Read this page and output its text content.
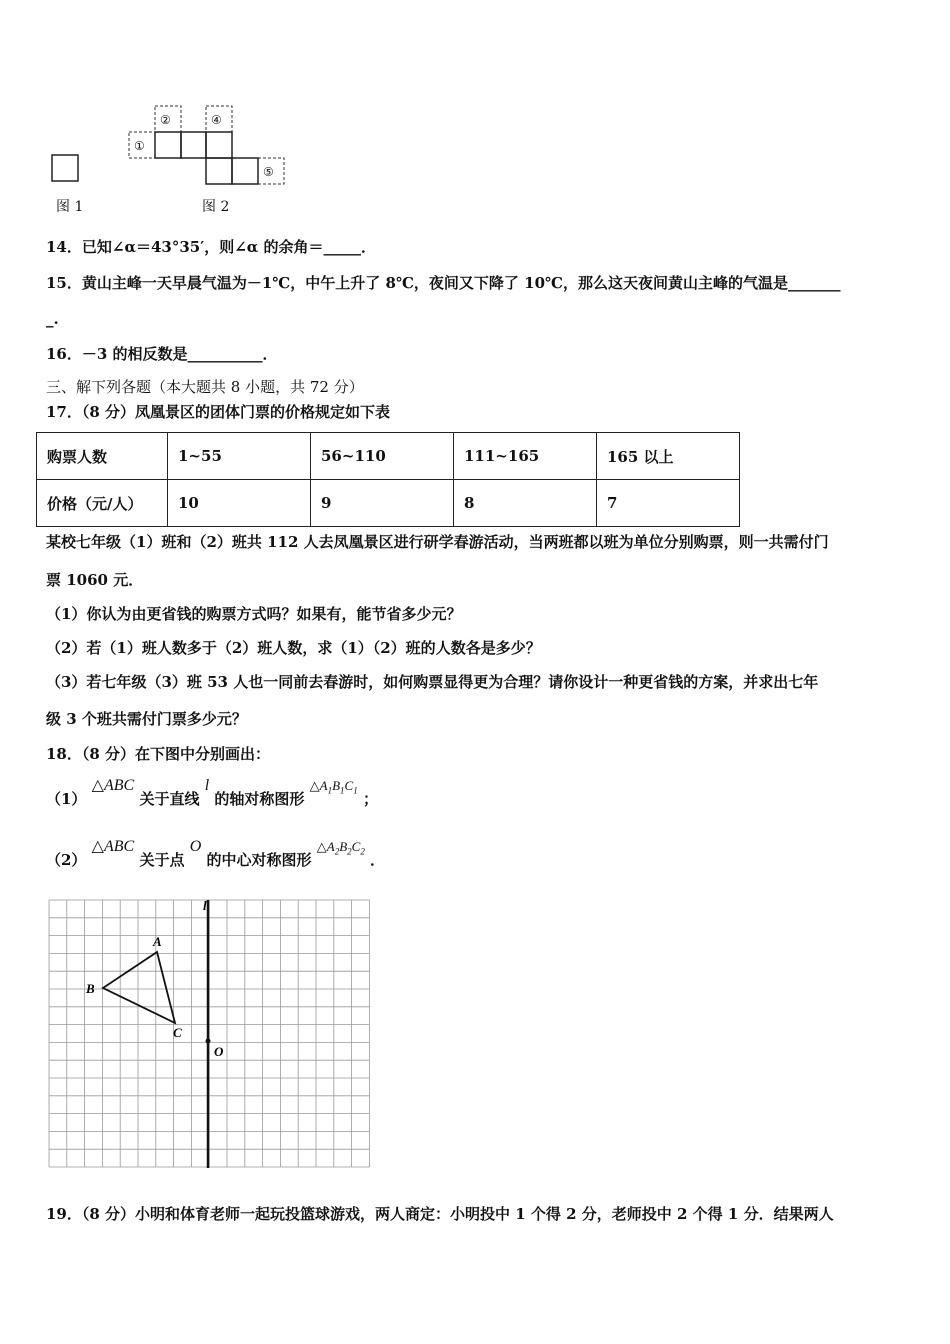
②	④
①
⑤
图 1	图 2
14．已知∠α＝43°35′，则∠α 的余角＝_____．
15．黄山主峰一天早晨气温为－1℃，中午上升了 8℃，夜间又下降了 10℃，那么这天夜间黄山主峰的气温是_______
_.
16．－3 的相反数是__________．
三、解下列各题（本大题共 8 小题，共 72 分）
17．（8 分）凤凰景区的团体门票的价格规定如下表
购票人数	1~55	56~110	111~165	165 以上
价格（元/人）	10	9	8	7
某校七年级（1）班和（2）班共 112 人去凤凰景区进行研学春游活动，当两班都以班为单位分别购票，则一共需付门
票 1060 元．
（1）你认为由更省钱的购票方式吗？如果有，能节省多少元？
（2）若（1）班人数多于（2）班人数，求（1）（2）班的人数各是多少？
（3）若七年级（3）班 53 人也一同前去春游时，如何购票显得更为合理？请你设计一种更省钱的方案，并求出七年
级 3 个班共需付门票多少元？
18．（8 分）在下图中分别画出：
（1） △ABC 关于直线 l 的轴对称图形 $\triangle A_1B_1C_1$ ；
（2） △ABC 关于点 O 的中心对称图形 $\triangle A_2B_2C_2$ ．
l
A
B
C
O
19．（8 分）小明和体育老师一起玩投篮球游戏，两人商定：小明投中 1 个得 2 分，老师投中 2 个得 1 分．结果两人
